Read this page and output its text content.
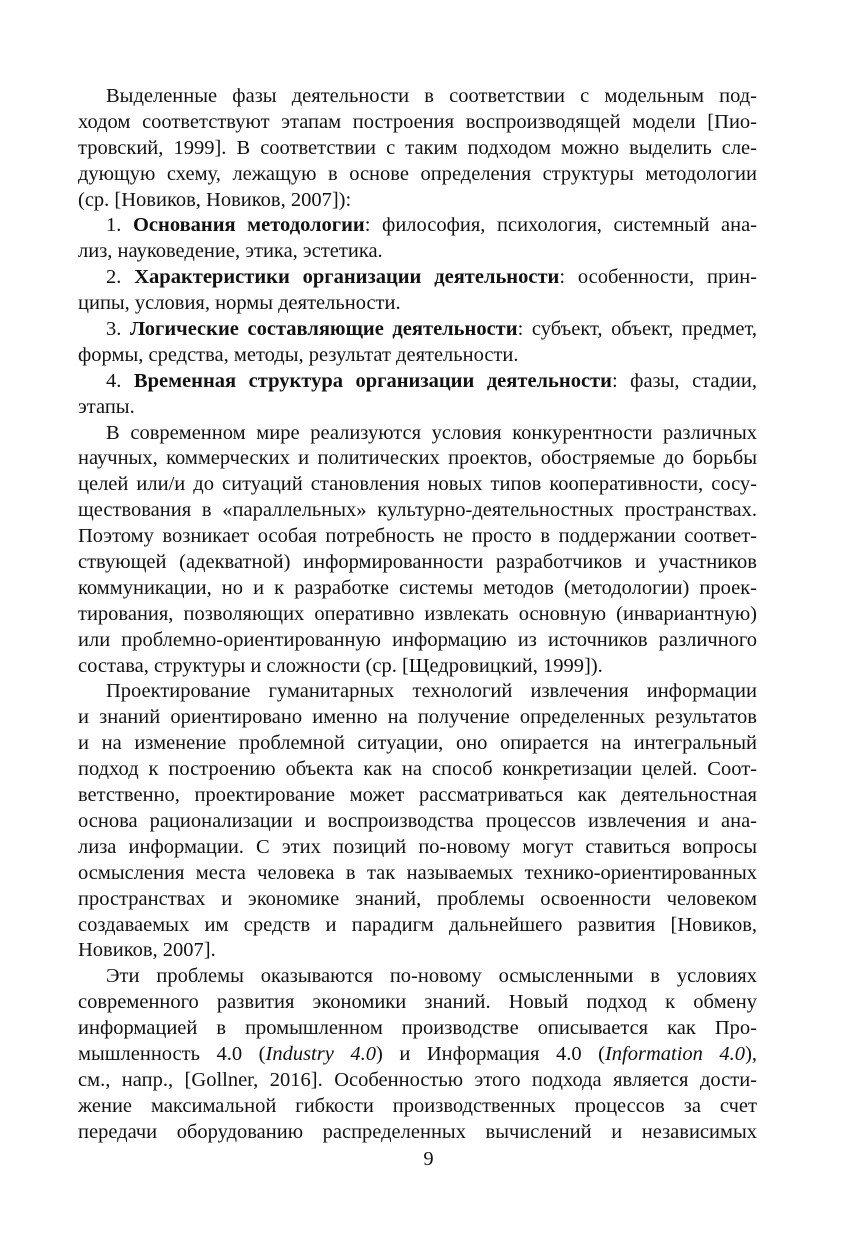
Выделенные фазы деятельности в соответствии с модельным под-
ходом соответствуют этапам построения воспроизводящей модели [Пио-
тровский, 1999]. В соответствии с таким подходом можно выделить сле-
дующую схему, лежащую в основе определения структуры методологии
(ср. [Новиков, Новиков, 2007]):
1. Основания методологии: философия, психология, системный ана-
лиз, науковедение, этика, эстетика.
2. Характеристики организации деятельности: особенности, прин-
ципы, условия, нормы деятельности.
3. Логические составляющие деятельности: субъект, объект, предмет,
формы, средства, методы, результат деятельности.
4. Временная структура организации деятельности: фазы, стадии,
этапы.
В современном мире реализуются условия конкурентности различных
научных, коммерческих и политических проектов, обостряемые до борьбы
целей или/и до ситуаций становления новых типов кооперативности, сосу-
ществования в «параллельных» культурно-деятельностных пространствах.
Поэтому возникает особая потребность не просто в поддержании соответ-
ствующей (адекватной) информированности разработчиков и участников
коммуникации, но и к разработке системы методов (методологии) проек-
тирования, позволяющих оперативно извлекать основную (инвариантную)
или проблемно-ориентированную информацию из источников различного
состава, структуры и сложности (ср. [Щедровицкий, 1999]).
Проектирование гуманитарных технологий извлечения информации
и знаний ориентировано именно на получение определенных результатов
и на изменение проблемной ситуации, оно опирается на интегральный
подход к построению объекта как на способ конкретизации целей. Соот-
ветственно, проектирование может рассматриваться как деятельностная
основа рационализации и воспроизводства процессов извлечения и ана-
лиза информации. С этих позиций по-новому могут ставиться вопросы
осмысления места человека в так называемых технико-ориентированных
пространствах и экономике знаний, проблемы освоенности человеком
создаваемых им средств и парадигм дальнейшего развития [Новиков,
Новиков, 2007].
Эти проблемы оказываются по-новому осмысленными в условиях
современного развития экономики знаний. Новый подход к обмену
информацией в промышленном производстве описывается как Про-
мышленность 4.0 (Industry 4.0) и Информация 4.0 (Information 4.0),
см., напр., [Gollner, 2016]. Особенностью этого подхода является дости-
жение максимальной гибкости производственных процессов за счет
передачи оборудованию распределенных вычислений и независимых
9
